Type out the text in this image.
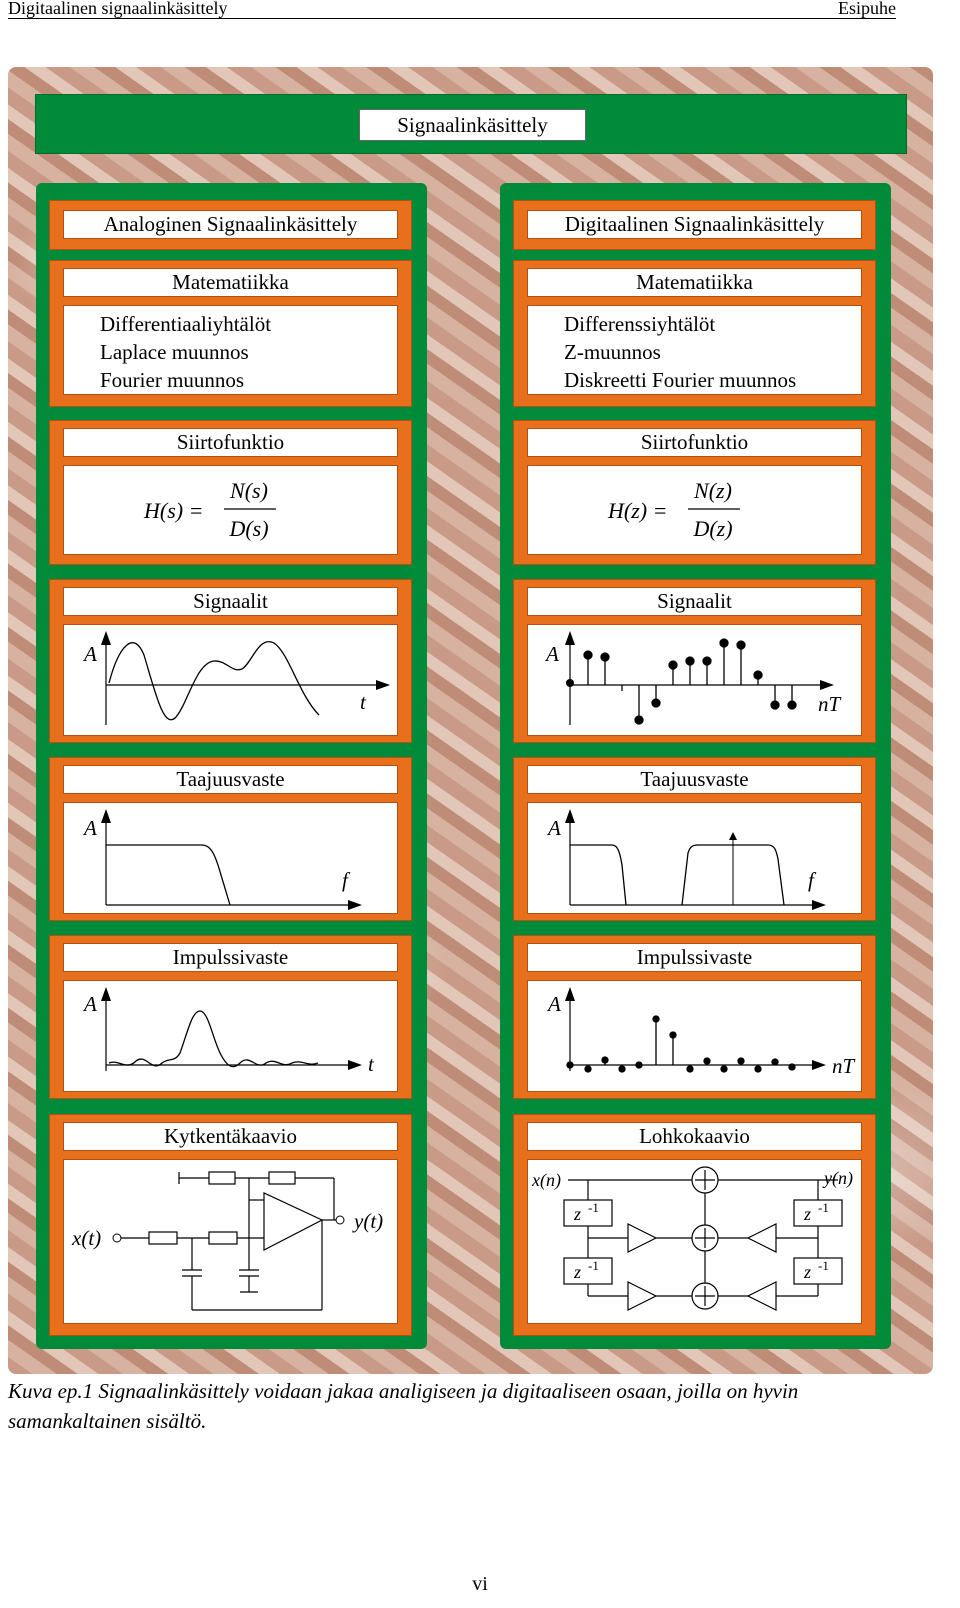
Digitaalinen signaalinkäsittely	Esipuhe
Signaalinkäsittely
Analoginen Signaalinkäsittely
Matematiikka
Differentiaaliyhtälöt
Laplace muunnos
Fourier muunnos
Siirtofunktio
H(s) =
N(s)
D(s)
Signaalit
A
t
Taajuusvaste
A
f
Impulssivaste
A
t
Kytkentäkaavio
x(t)
y(t)
Digitaalinen Signaalinkäsittely
Matematiikka
Differenssiyhtälöt
Z-muunnos
Diskreetti Fourier muunnos
Siirtofunktio
H(z) =
N(z)
D(z)
Signaalit
A
nT
Taajuusvaste
A
f
Impulssivaste
A
nT
Lohkokaavio
x(n)	y(n)
z -1
z -1
z -1
z -1
Kuva ep.1 Signaalinkäsittely voidaan jakaa analigiseen ja digitaaliseen osaan, joilla on hyvin samankaltainen sisältö.
vi
